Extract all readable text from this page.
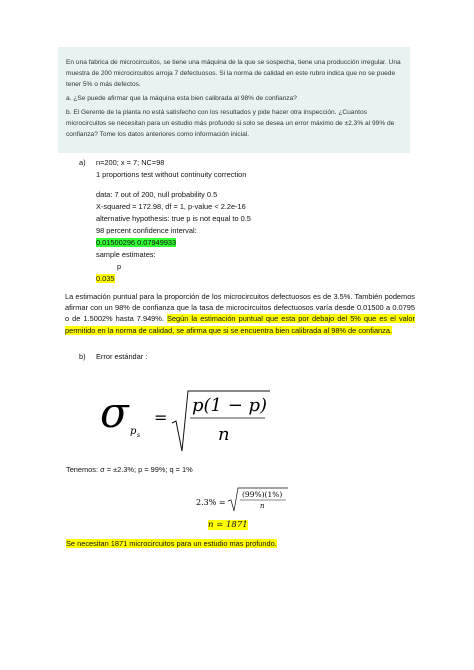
En una fabrica de microcircuitos, se tiene una máquina de la que se sospecha, tiene una producción irregular. Una muestra de 200 microcircuitos arroja 7 defectuosos. Si la norma de calidad en este rubro indica que no se puede tener 5% o más defectos.

a. ¿Se puede afirmar que la máquina esta bien calibrada al 98% de confianza?

b. El Gerente de la planta no está satisfecho con los resultados y pide hacer otra inspección. ¿Cuantos microcircuitos se necesitan para un estudio más profundo si solo se desea un error máximo de ±2.3% al 99% de confianza? Tome los datos anteriores como información inicial.

a) n=200; x = 7; NC=98
1 proportions test without continuity correction
data: 7 out of 200, null probability 0.5
X-squared = 172.98, df = 1, p-value < 2.2e-16
alternative hypothesis: true p is not equal to 0.5
98 percent confidence interval:
0.01500296 0.07949933
sample estimates:
p
0.035
La estimación puntual para la proporción de los microcircuitos defectuosos es de 3.5%. También podemos afirmar con un 98% de confianza que la tasa de microcircuitos defectuosos varía desde 0.01500 a 0.0795 o de 1.5002% hasta 7.949%. Según la estimación puntual que esta por debajo del 5% que es el valor permitido en la norma de calidad, se afirma que si se encuentra bien calibrada al 98% de confianza.
b) Error estándar :
σ p s
=
p(1 − p)
n
Tenemos: σ = ±2.3%; p = 99%; q = 1%
2.3% =
(99%)(1%)
n
n = 1871
Se necesitan 1871 microcircuitos para un estudio mas profundo.
